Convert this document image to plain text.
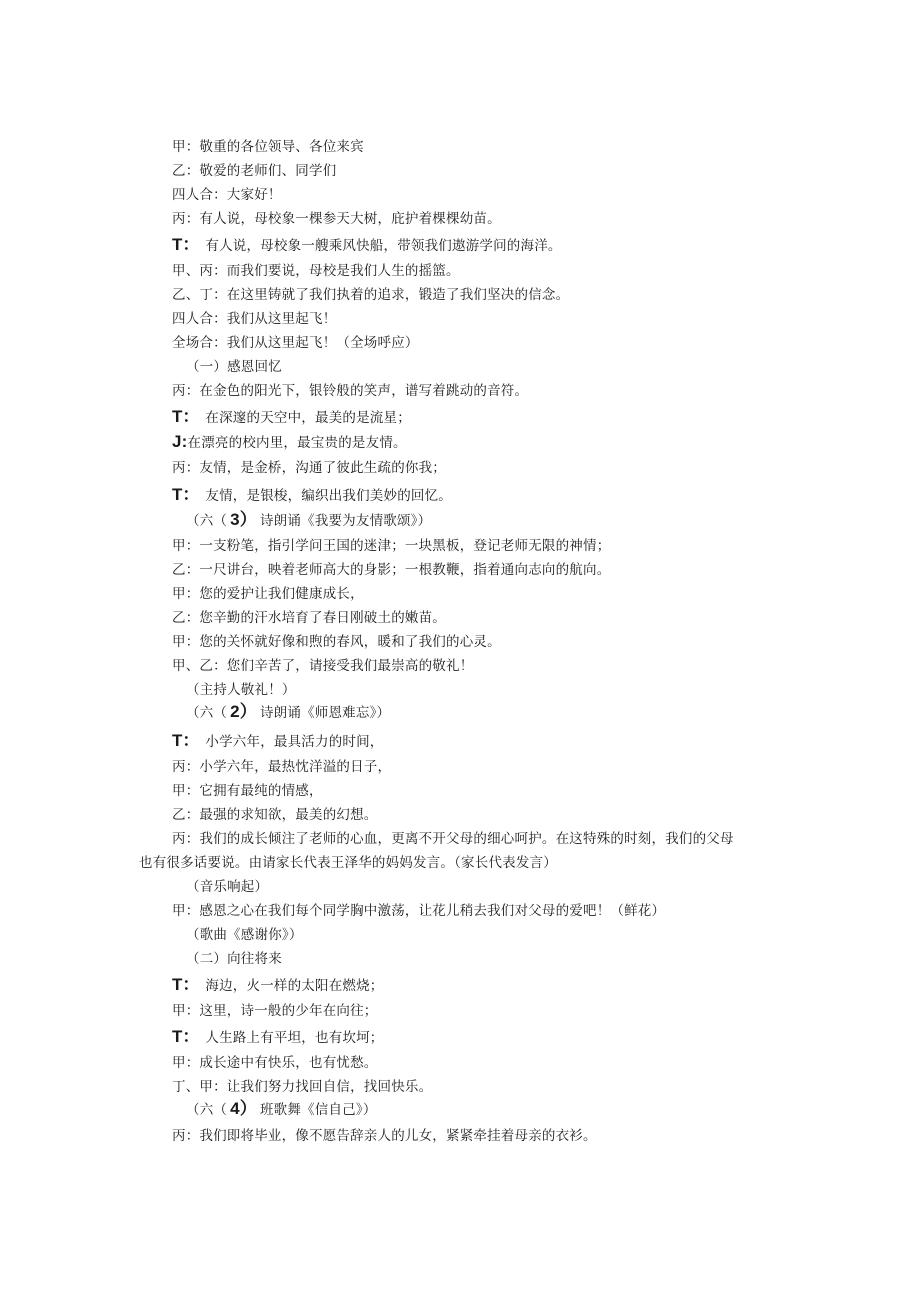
甲：敬重的各位领导、各位来宾
乙：敬爱的老师们、同学们
四人合：大家好！
丙：有人说，母校象一棵参天大树，庇护着棵棵幼苗。
T： 有人说，母校象一艘乘风快船，带领我们遨游学问的海洋。
甲、丙：而我们要说，母校是我们人生的摇篮。
乙、丁：在这里铸就了我们执着的追求，锻造了我们坚决的信念。
四人合：我们从这里起飞！
全场合：我们从这里起飞！（全场呼应）
（一）感恩回忆
丙：在金色的阳光下，银铃般的笑声，谱写着跳动的音符。
T： 在深邃的天空中，最美的是流星；
J:在漂亮的校内里，最宝贵的是友情。
丙：友情，是金桥，沟通了彼此生疏的你我；
T： 友情，是银梭，编织出我们美妙的回忆。
（六（ 3） 诗朗诵《我要为友情歌颂》）
甲：一支粉笔，指引学问王国的迷津；一块黑板，登记老师无限的神情；
乙：一尺讲台，映着老师高大的身影；一根教鞭，指着通向志向的航向。
甲：您的爱护让我们健康成长，
乙：您辛勤的汗水培育了春日刚破土的嫩苗。
甲：您的关怀就好像和煦的春风，暖和了我们的心灵。
甲、乙：您们辛苦了，请接受我们最崇高的敬礼！
（主持人敬礼！）
（六（ 2） 诗朗诵《师恩难忘》）
T： 小学六年，最具活力的时间，
丙：小学六年，最热忱洋溢的日子，
甲：它拥有最纯的情感，
乙：最强的求知欲，最美的幻想。
丙：我们的成长倾注了老师的心血，更离不开父母的细心呵护。在这特殊的时刻，我们的父母
也有很多话要说。由请家长代表王泽华的妈妈发言。（家长代表发言）
（音乐响起）
甲：感恩之心在我们每个同学胸中激荡，让花儿稍去我们对父母的爱吧！（鲜花）
（歌曲《感谢你》）
（二）向往将来
T： 海边，火一样的太阳在燃烧；
甲：这里，诗一般的少年在向往；
T： 人生路上有平坦，也有坎坷；
甲：成长途中有快乐，也有忧愁。
丁、甲：让我们努力找回自信，找回快乐。
（六（ 4） 班歌舞《信自己》）
丙：我们即将毕业，像不愿告辞亲人的儿女，紧紧牵挂着母亲的衣衫。
